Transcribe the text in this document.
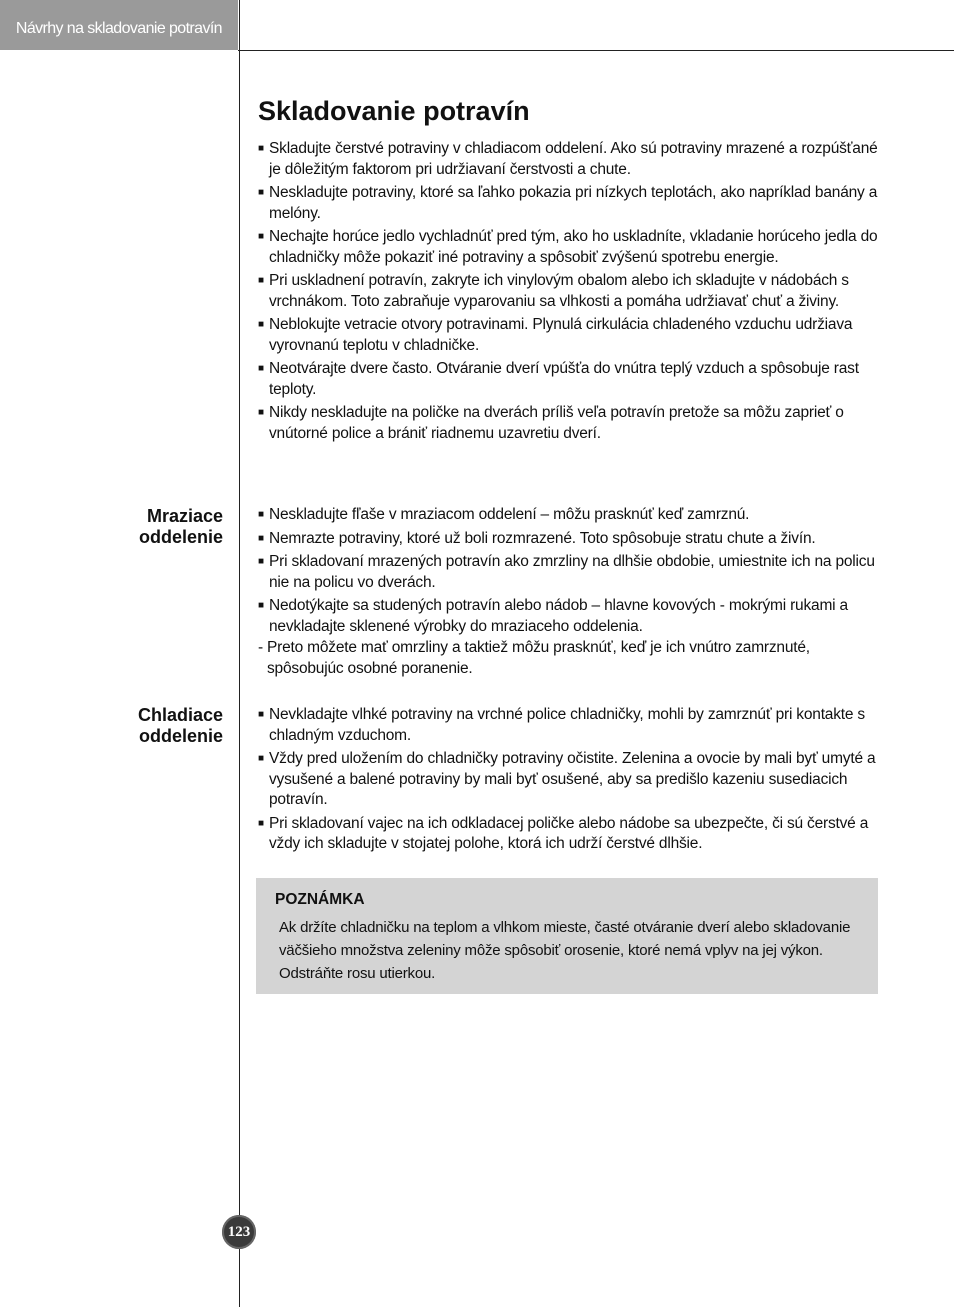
Návrhy na skladovanie potravín
Skladovanie potravín
■ Skladujte čerstvé potraviny v chladiacom oddelení. Ako sú potraviny mrazené a rozpúšťané je dôležitým faktorom pri udržiavaní čerstvosti a chute.
■ Neskladujte potraviny, ktoré sa ľahko pokazia pri nízkych teplotách, ako napríklad banány a melóny.
■ Nechajte horúce jedlo vychladnúť pred tým, ako ho uskladníte, vkladanie horúceho jedla do chladničky môže pokaziť iné potraviny a spôsobiť zvýšenú spotrebu energie.
■ Pri uskladnení potravín, zakryte ich vinylovým obalom alebo ich skladujte v nádobách s vrchnákom. Toto zabraňuje vyparovaniu sa vlhkosti a pomáha udržiavať chuť a živiny.
■ Neblokujte vetracie otvory potravinami. Plynulá cirkulácia chladeného vzduchu udržiava vyrovnanú teplotu v chladničke.
■ Neotvárajte dvere často. Otváranie dverí vpúšťa do vnútra teplý vzduch a spôsobuje rast teploty.
■ Nikdy neskladujte na poličke na dverách príliš veľa potravín pretože sa môžu zaprieť o vnútorné police a brániť riadnemu uzavretiu dverí.
Mraziace
oddelenie
■ Neskladujte fľaše v mraziacom oddelení – môžu prasknúť keď zamrznú.
■ Nemrazte potraviny, ktoré už boli rozmrazené. Toto spôsobuje stratu chute a živín.
■ Pri skladovaní mrazených potravín ako zmrzliny na dlhšie obdobie, umiestnite ich na policu nie na policu vo dverách.
■ Nedotýkajte sa studených potravín alebo nádob – hlavne kovových - mokrými rukami a nevkladajte sklenené výrobky do mraziaceho oddelenia.
- Preto môžete mať omrzliny a taktiež môžu prasknúť, keď je ich vnútro zamrznuté, spôsobujúc osobné poranenie.
Chladiace
oddelenie
■ Nevkladajte vlhké potraviny na vrchné police chladničky, mohli by zamrznúť pri kontakte s chladným vzduchom.
■ Vždy pred uložením do chladničky potraviny očistite. Zelenina a ovocie by mali byť umyté a vysušené a balené potraviny by mali byť osušené, aby sa predišlo kazeniu susediacich potravín.
■ Pri skladovaní vajec na ich odkladacej poličke alebo nádobe sa ubezpečte, či sú čerstvé a vždy ich skladujte v stojatej polohe, ktorá ich udrží čerstvé dlhšie.
POZNÁMKA
Ak držíte chladničku na teplom a vlhkom mieste, časté otváranie dverí alebo skladovanie väčšieho množstva zeleniny môže spôsobiť orosenie, ktoré nemá vplyv na jej výkon. Odstráňte rosu utierkou.
123
